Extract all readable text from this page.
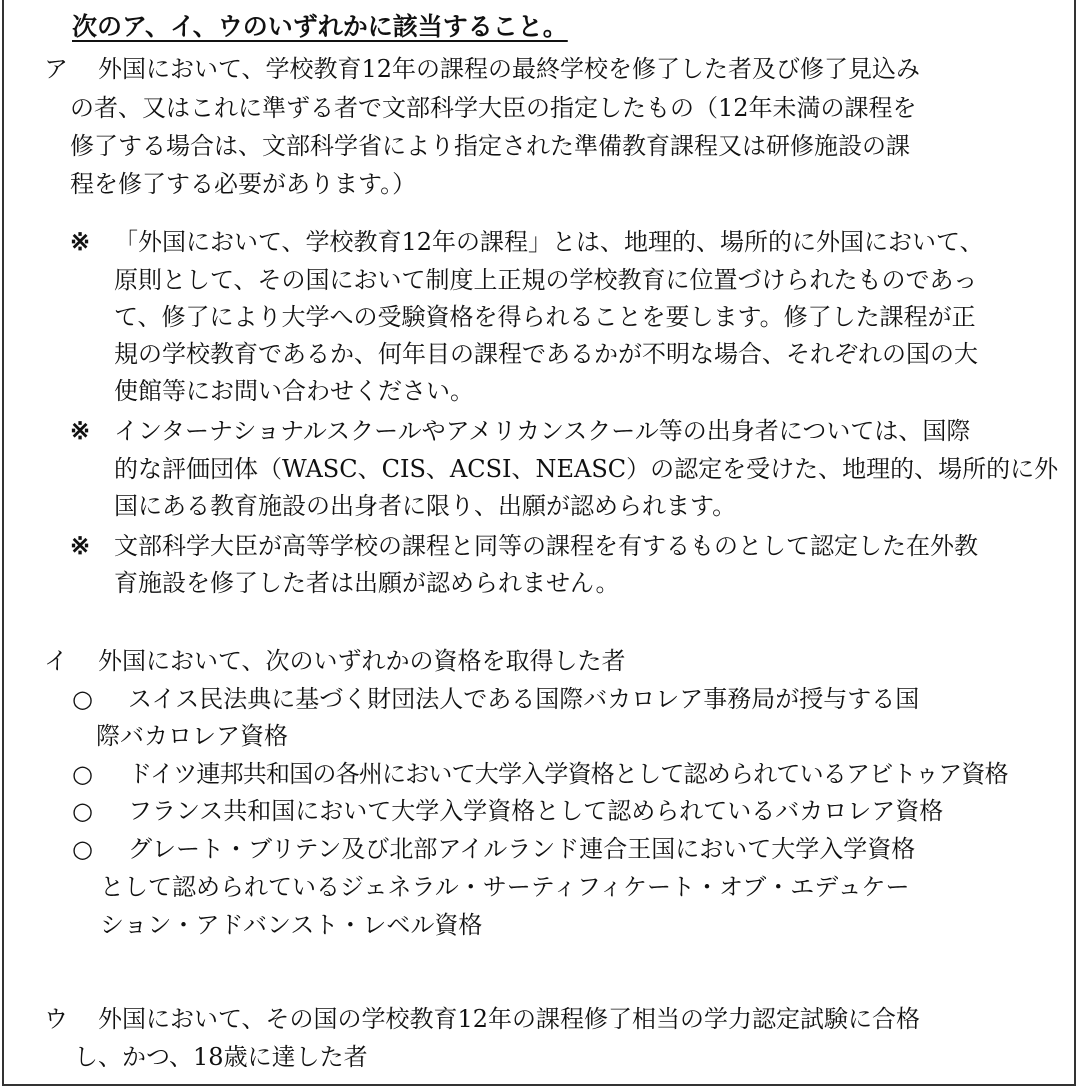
次のア、イ、ウのいずれかに該当すること。
ア 外国において、学校教育12年の課程の最終学校を修了した者及び修了見込み
の者、又はこれに準ずる者で文部科学大臣の指定したもの（12年未満の課程を
修了する場合は、文部科学省により指定された準備教育課程又は研修施設の課
程を修了する必要があります。）
※ 「外国において、学校教育12年の課程」とは、地理的、場所的に外国において、
原則として、その国において制度上正規の学校教育に位置づけられたものであっ
て、修了により大学への受験資格を得られることを要します。修了した課程が正
規の学校教育であるか、何年目の課程であるかが不明な場合、それぞれの国の大
使館等にお問い合わせください。
※ インターナショナルスクールやアメリカンスクール等の出身者については、国際
的な評価団体（WASC、CIS、ACSI、NEASC）の認定を受けた、地理的、場所的に外
国にある教育施設の出身者に限り、出願が認められます。
※ 文部科学大臣が高等学校の課程と同等の課程を有するものとして認定した在外教
育施設を修了した者は出願が認められません。
イ 外国において、次のいずれかの資格を取得した者
○ スイス民法典に基づく財団法人である国際バカロレア事務局が授与する国
際バカロレア資格
○ ドイツ連邦共和国の各州において大学入学資格として認められているアビトゥア資格
○ フランス共和国において大学入学資格として認められているバカロレア資格
○ グレート・ブリテン及び北部アイルランド連合王国において大学入学資格
として認められているジェネラル・サーティフィケート・オブ・エデュケー
ション・アドバンスト・レベル資格
ウ 外国において、その国の学校教育12年の課程修了相当の学力認定試験に合格
し、かつ、18歳に達した者
